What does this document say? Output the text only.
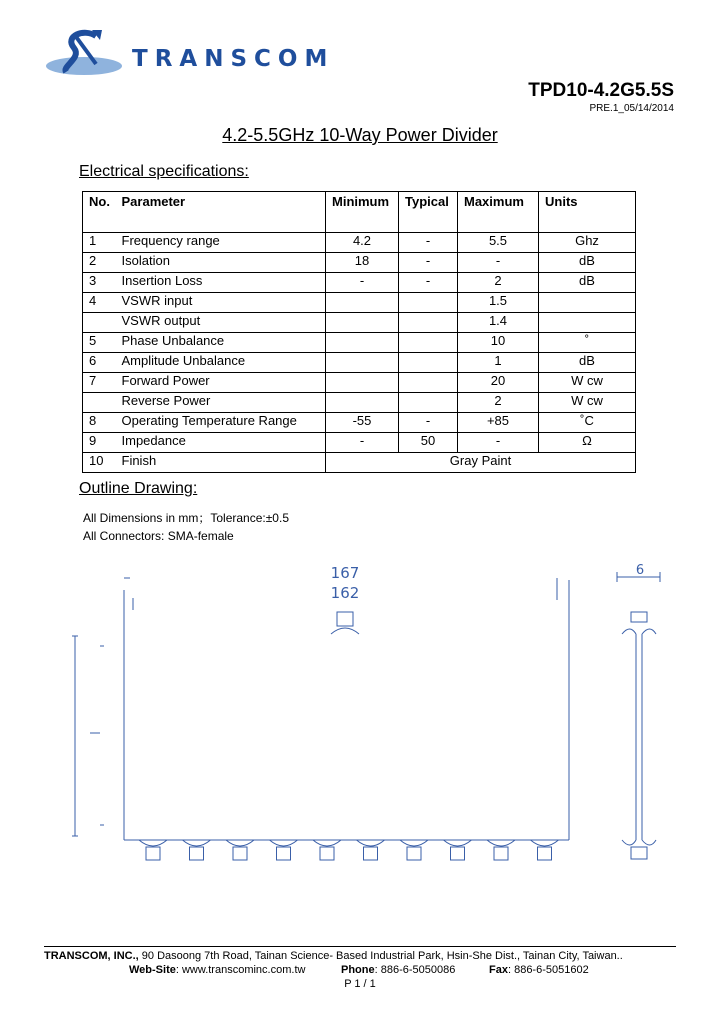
TRANSCOM
TPD10-4.2G5.5S
PRE.1_05/14/2014
4.2-5.5GHz 10-Way Power Divider
Electrical specifications:
No.	Parameter	Minimum	Typical	Maximum	Units
1	Frequency range	4.2	-	5.5	Ghz
2	Isolation	18	-	-	dB
3	Insertion Loss	-	-	2	dB
4	VSWR input			1.5	
	VSWR output			1.4	
5	Phase Unbalance			10	˚
6	Amplitude Unbalance			1	dB
7	Forward Power			20	W cw
	Reverse Power			2	W cw
8	Operating Temperature Range	-55	-	+85	˚C
9	Impedance	-	50	-	Ω
10	Finish	Gray Paint			
Outline Drawing:
All Dimensions in mm；Tolerance:±0.5
All Connectors: SMA-female
167
162
6
TRANSCOM, INC., 90 Dasoong 7th Road, Tainan Science- Based Industrial Park, Hsin-She Dist., Tainan City, Taiwan..
Web-Site: www.transcominc.com.tw	Phone: 886-6-5050086	Fax: 886-6-5051602
P 1 / 1
